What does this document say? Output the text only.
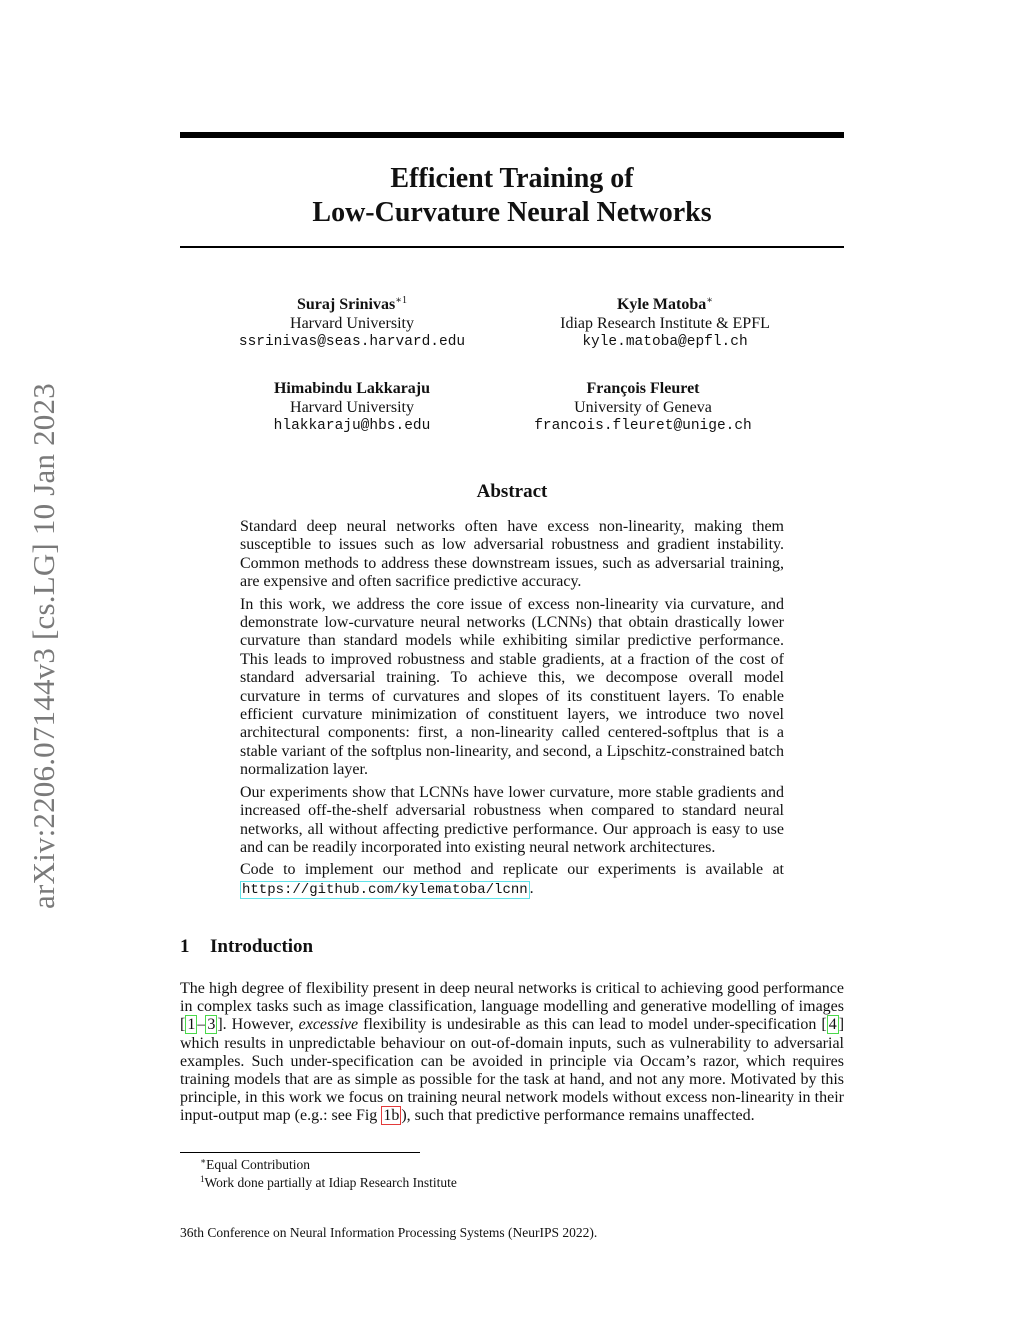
arXiv:2206.07144v3 [cs.LG] 10 Jan 2023
Efficient Training of
Low-Curvature Neural Networks
Suraj Srinivas$^{∗1}$
Harvard University
ssrinivas@seas.harvard.edu
Kyle Matoba∗
Idiap Research Institute & EPFL
kyle.matoba@epfl.ch
Himabindu Lakkaraju
Harvard University
hlakkaraju@hbs.edu
François Fleuret
University of Geneva
francois.fleuret@unige.ch
Abstract

Standard deep neural networks often have excess non-linearity, making them susceptible to issues such as low adversarial robustness and gradient instability. Common methods to address these downstream issues, such as adversarial training, are expensive and often sacrifice predictive accuracy.

In this work, we address the core issue of excess non-linearity via curvature, and demonstrate low-curvature neural networks (LCNNs) that obtain drastically lower curvature than standard models while exhibiting similar predictive performance. This leads to improved robustness and stable gradients, at a fraction of the cost of standard adversarial training. To achieve this, we decompose overall model curvature in terms of curvatures and slopes of its constituent layers. To enable efficient curvature minimization of constituent layers, we introduce two novel architectural components: first, a non-linearity called centered-softplus that is a stable variant of the softplus non-linearity, and second, a Lipschitz-constrained batch normalization layer.

Our experiments show that LCNNs have lower curvature, more stable gradients and increased off-the-shelf adversarial robustness when compared to standard neural networks, all without affecting predictive performance. Our approach is easy to use and can be readily incorporated into existing neural network architectures.

Code to implement our method and replicate our experiments is available at https://github.com/kylematoba/lcnn .

1 Introduction

The high degree of flexibility present in deep neural networks is critical to achieving good performance in complex tasks such as image classification, language modelling and generative modelling of images [ 1 – 3 ]. However, excessive flexibility is undesirable as this can lead to model under-specification [ 4 ] which results in unpredictable behaviour on out-of-domain inputs, such as vulnerability to adversarial examples. Such under-specification can be avoided in principle via Occam’s razor, which requires training models that are as simple as possible for the task at hand, and not any more. Motivated by this principle, in this work we focus on training neural network models without excess non-linearity in their input-output map (e.g.: see Fig 1b ), such that predictive performance remains unaffected.

∗Equal Contribution
$^1$Work done partially at Idiap Research Institute
36th Conference on Neural Information Processing Systems (NeurIPS 2022).
